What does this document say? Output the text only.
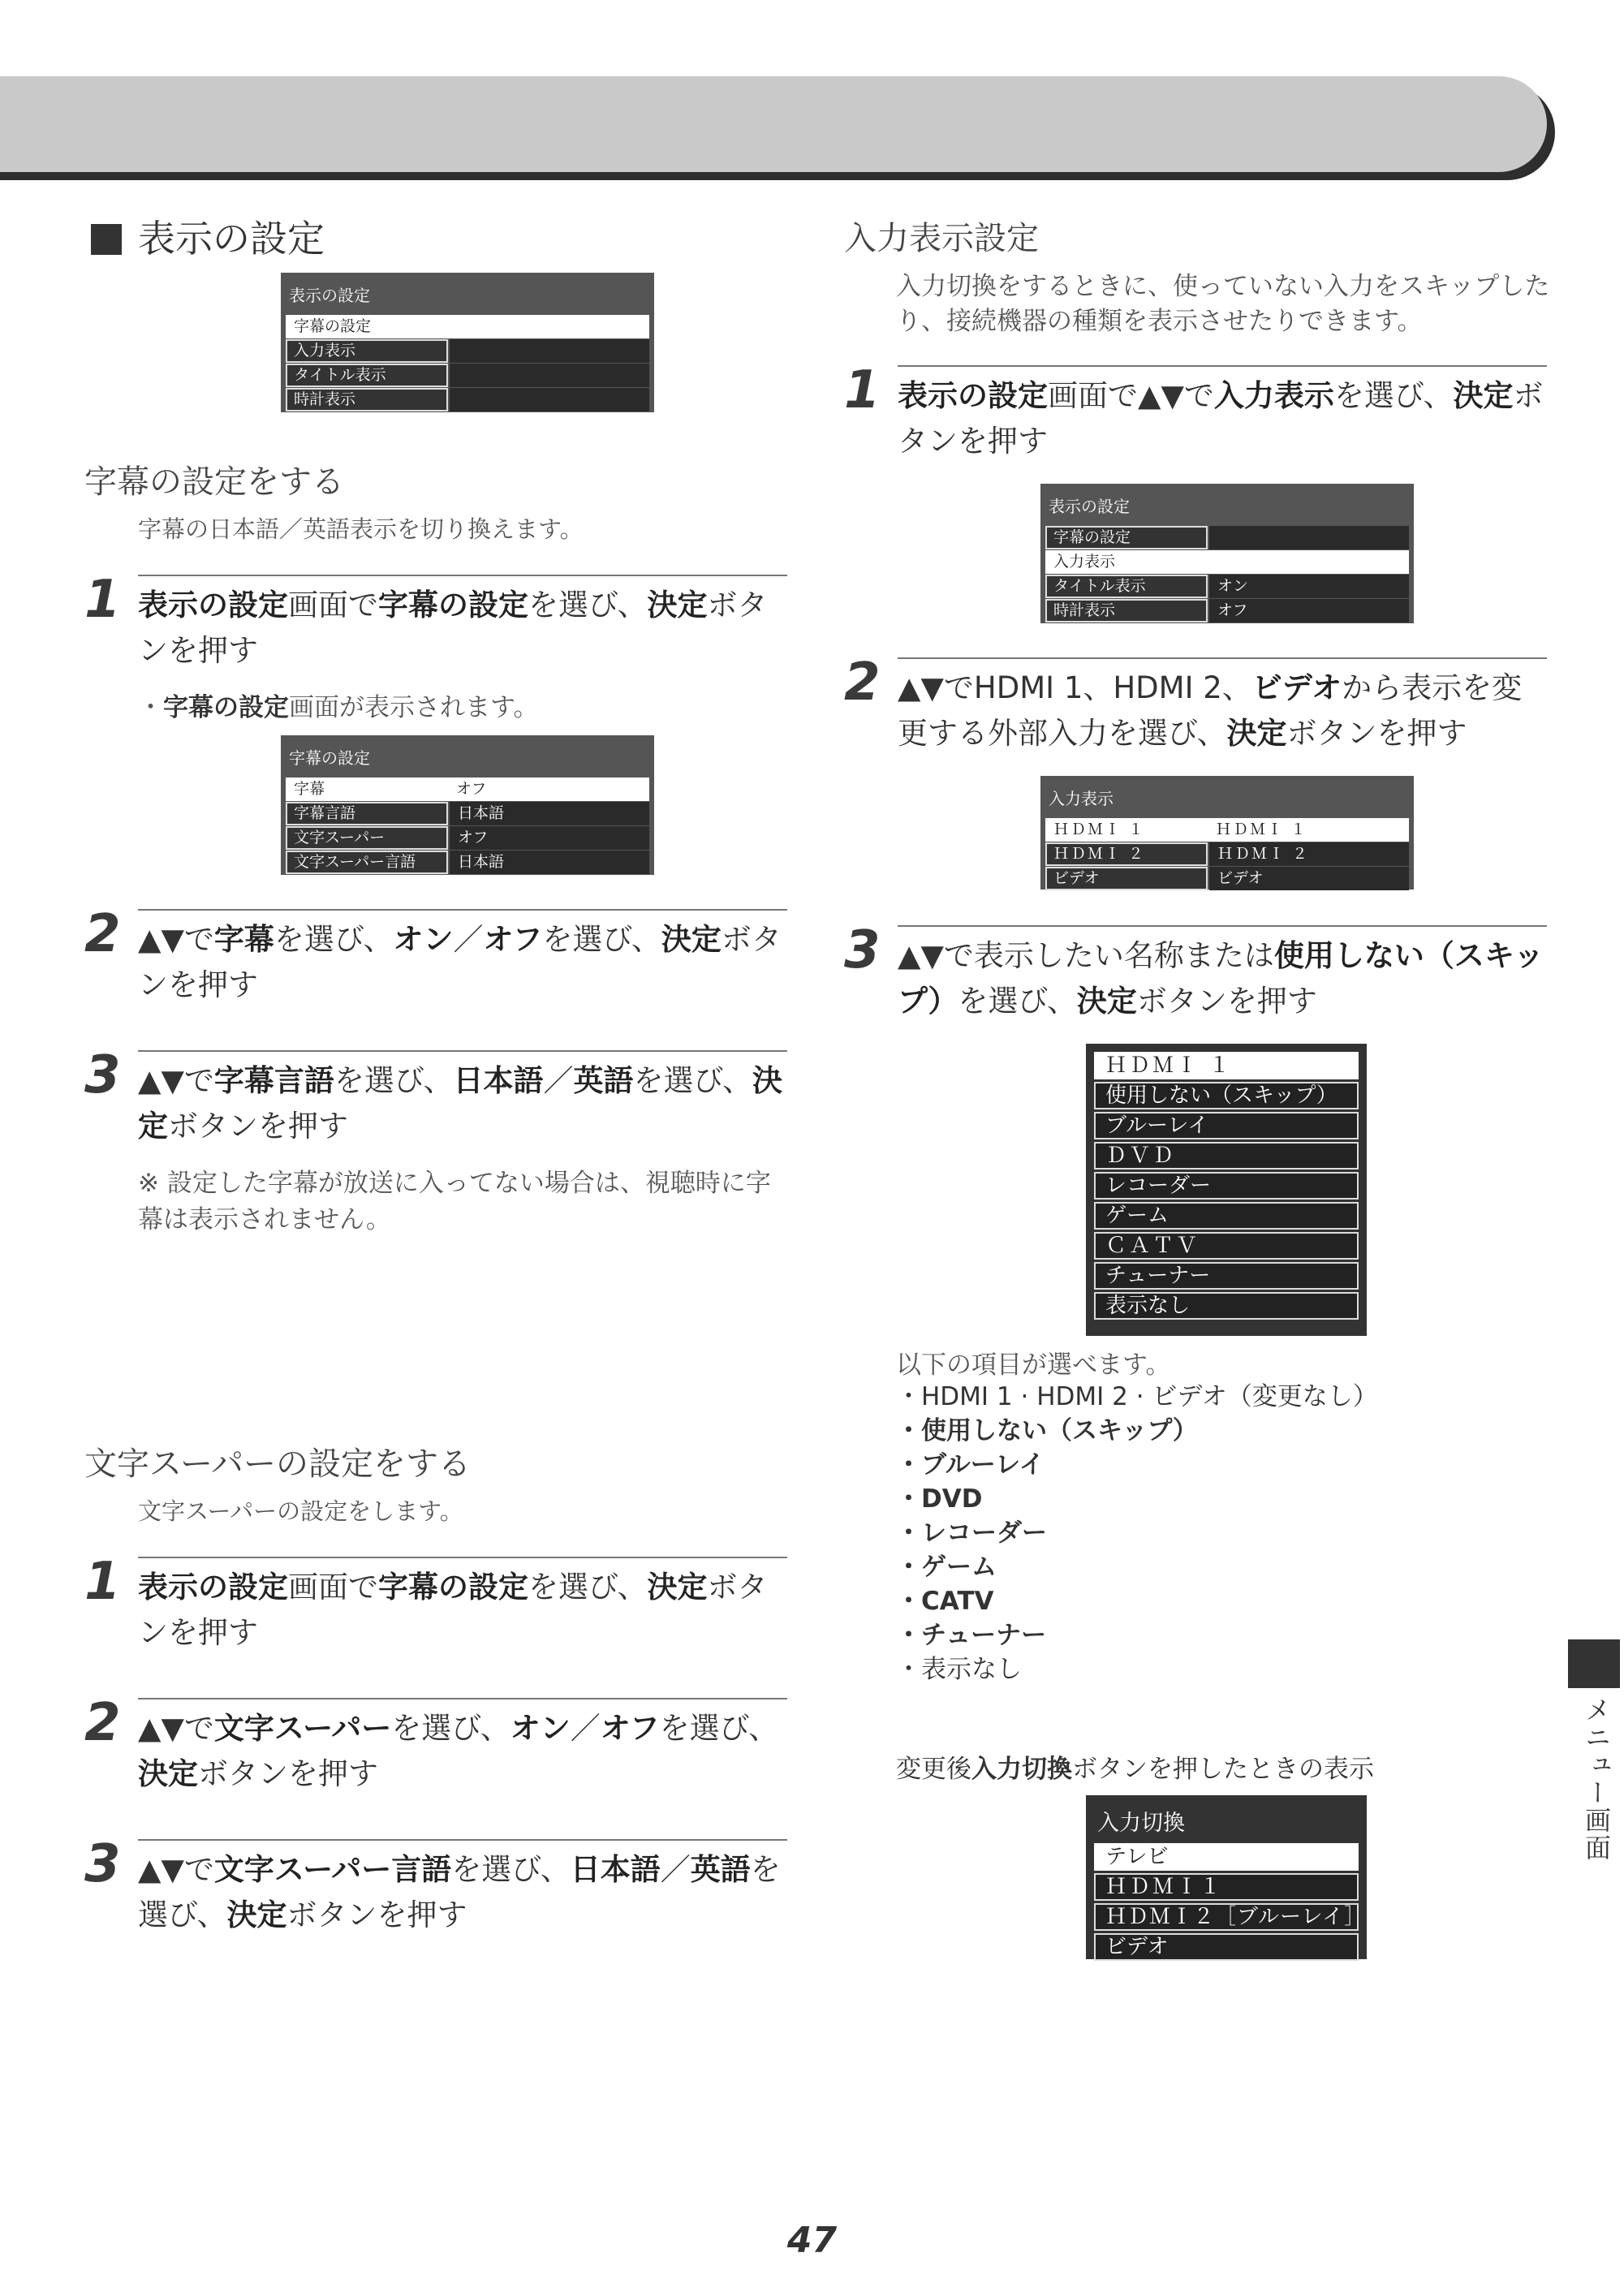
表示の設定
表示の設定
字幕の設定
入力表示
タイトル表示
時計表示
字幕の設定をする
字幕の日本語／英語表示を切り換えます。
1 表示の設定画面で字幕の設定を選び、決定ボタンを押す
・字幕の設定画面が表示されます。
字幕の設定
字幕	オフ
字幕言語	日本語
文字スーパー	オフ
文字スーパー言語	日本語
2 ▲▼で字幕を選び、オン／オフを選び、決定ボタンを押す
3 ▲▼で字幕言語を選び、日本語／英語を選び、決定ボタンを押す
※ 設定した字幕が放送に入ってない場合は、視聴時に字幕は表示されません。
文字スーパーの設定をする
文字スーパーの設定をします。
1 表示の設定画面で字幕の設定を選び、決定ボタンを押す
2 ▲▼で文字スーパーを選び、オン／オフを選び、決定ボタンを押す
3 ▲▼で文字スーパー言語を選び、日本語／英語を選び、決定ボタンを押す
入力表示設定
入力切換をするときに、使っていない入力をスキップしたり、接続機器の種類を表示させたりできます。
1 表示の設定画面で▲▼で入力表示を選び、決定ボタンを押す
表示の設定
字幕の設定
入力表示
タイトル表示	オン
時計表示	オフ
2 ▲▼でHDMI 1、HDMI 2、ビデオから表示を変更する外部入力を選び、決定ボタンを押す
入力表示
ＨＤＭＩ １	ＨＤＭＩ １
ＨＤＭＩ ２	ＨＤＭＩ ２
ビデオ	ビデオ
3 ▲▼で表示したい名称または使用しない（スキップ）を選び、決定ボタンを押す
ＨＤＭＩ １
使用しない（スキップ）
ブルーレイ
ＤＶＤ
レコーダー
ゲーム
ＣＡＴＶ
チューナー
表示なし
以下の項目が選べます。
・ HDMI 1 · HDMI 2 · ビデオ（変更なし）
・ 使用しない（スキップ）
・ ブルーレイ
・ DVD
・ レコーダー
・ ゲーム
・ CATV
・ チューナー
・ 表示なし
変更後入力切換ボタンを押したときの表示
入力切換
テレビ
ＨＤＭＩ１
ＨＤＭＩ２［ブルーレイ］
ビデオ
メニュー画面
47
